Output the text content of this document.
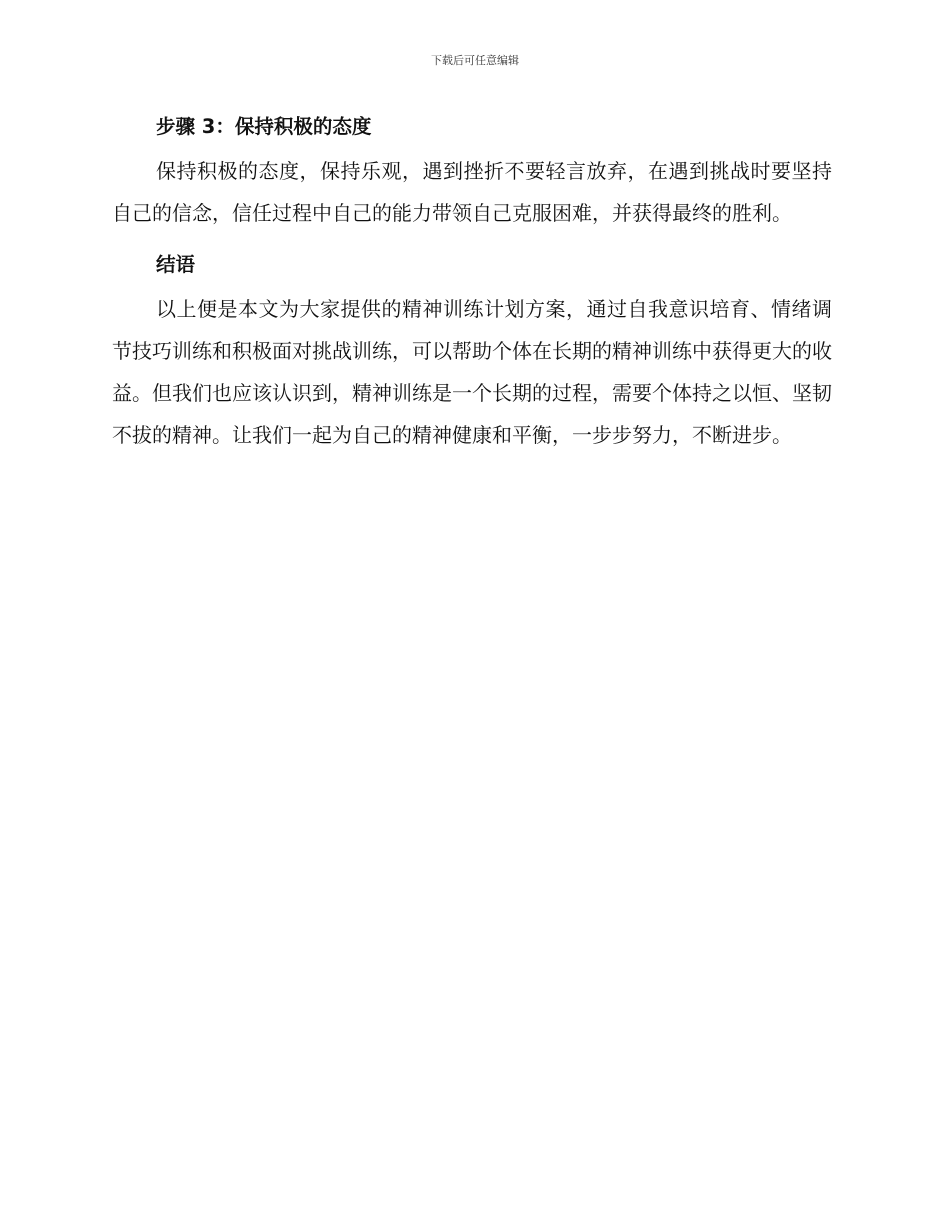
下载后可任意编辑
步骤 3：保持积极的态度

保持积极的态度，保持乐观，遇到挫折不要轻言放弃，在遇到挑战时要坚持自己的信念，信任过程中自己的能力带领自己克服困难，并获得最终的胜利。

结语

以上便是本文为大家提供的精神训练计划方案，通过自我意识培育、情绪调节技巧训练和积极面对挑战训练，可以帮助个体在长期的精神训练中获得更大的收益。但我们也应该认识到，精神训练是一个长期的过程，需要个体持之以恒、坚韧不拔的精神。让我们一起为自己的精神健康和平衡，一步步努力，不断进步。
